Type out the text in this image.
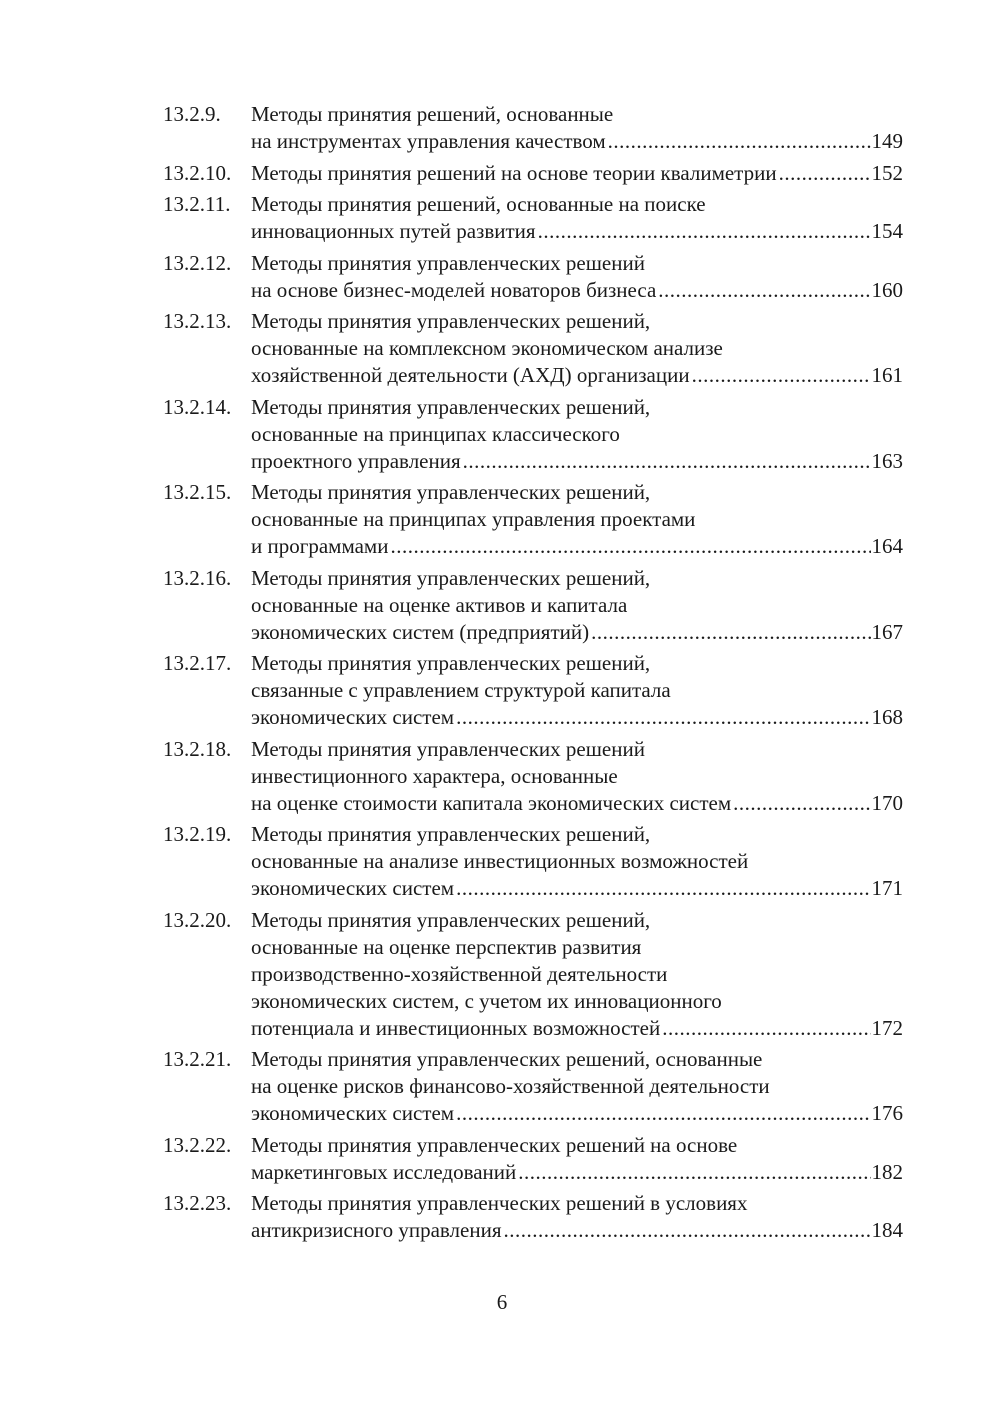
13.2.9. Методы принятия решений, основанные
на инструментах управления качеством .....	149
13.2.10. Методы принятия решений на основе теории квалиметрии .....	152
13.2.11. Методы принятия решений, основанные на поиске
инновационных путей развития .....	154
13.2.12. Методы принятия управленческих решений
на основе бизнес-моделей новаторов бизнеса .....	160
13.2.13. Методы принятия управленческих решений,
основанные на комплексном экономическом анализе
хозяйственной деятельности (АХД) организации .....	161
13.2.14. Методы принятия управленческих решений,
основанные на принципах классического
проектного управления .....	163
13.2.15. Методы принятия управленческих решений,
основанные на принципах управления проектами
и программами .....	164
13.2.16. Методы принятия управленческих решений,
основанные на оценке активов и капитала
экономических систем (предприятий) .....	167
13.2.17. Методы принятия управленческих решений,
связанные с управлением структурой капитала
экономических систем .....	168
13.2.18. Методы принятия управленческих решений
инвестиционного характера, основанные
на оценке стоимости капитала экономических систем .....	170
13.2.19. Методы принятия управленческих решений,
основанные на анализе инвестиционных возможностей
экономических систем .....	171
13.2.20. Методы принятия управленческих решений,
основанные на оценке перспектив развития
производственно-хозяйственной деятельности
экономических систем, с учетом их инновационного
потенциала и инвестиционных возможностей .....	172
13.2.21. Методы принятия управленческих решений, основанные
на оценке рисков финансово-хозяйственной деятельности
экономических систем .....	176
13.2.22. Методы принятия управленческих решений на основе
маркетинговых исследований .....	182
13.2.23. Методы принятия управленческих решений в условиях
антикризисного управления .....	184
6
